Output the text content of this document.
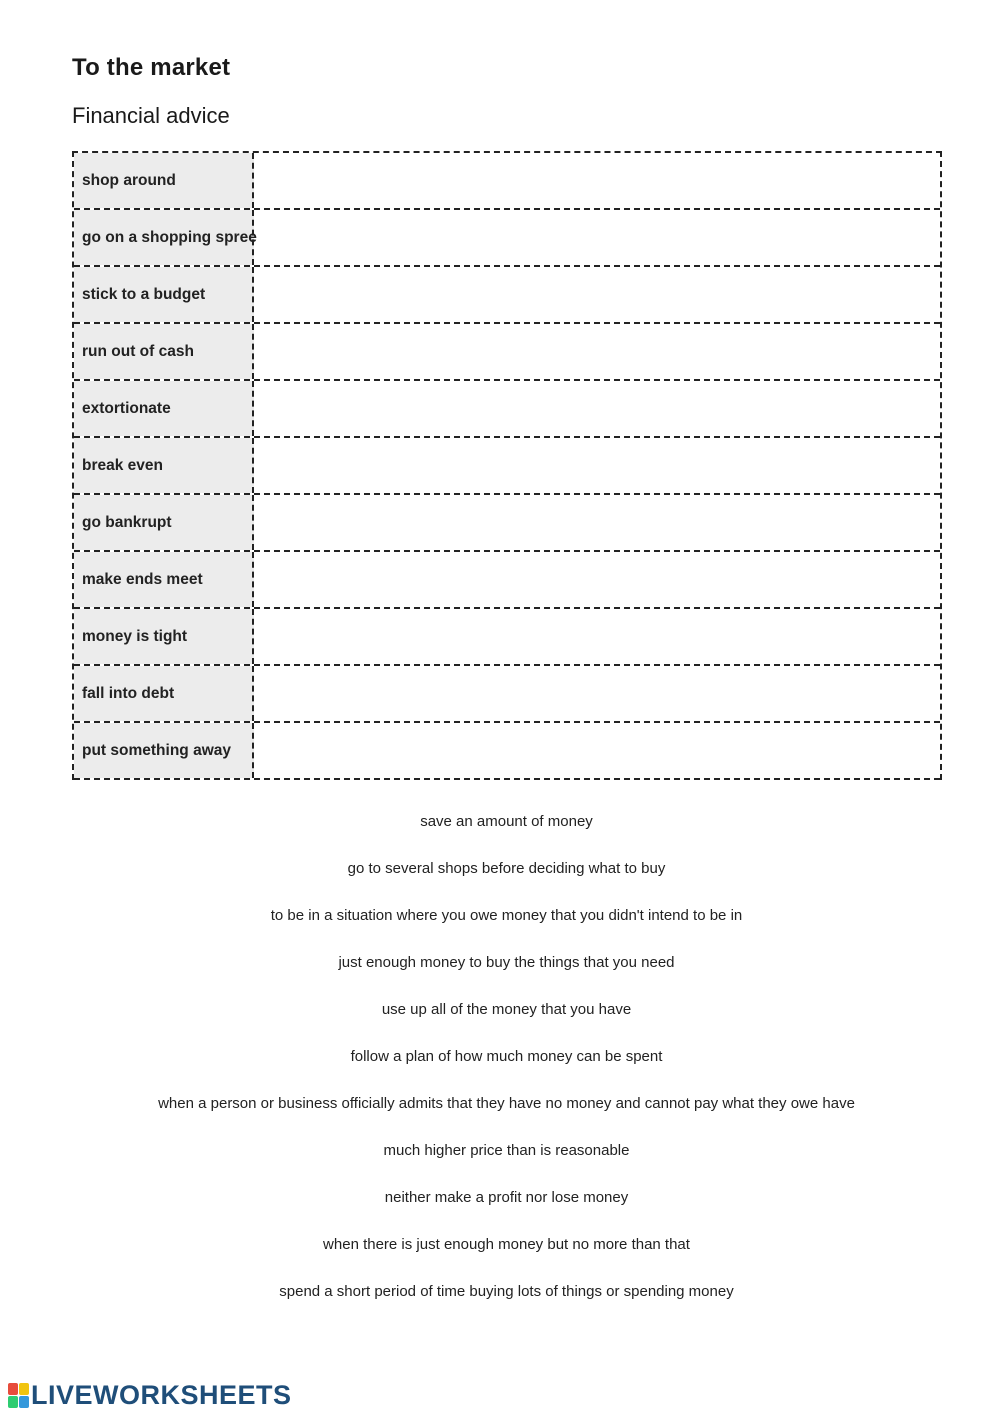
To the market
Financial advice
shop around
go on a shopping spree
stick to a budget
run out of cash
extortionate
break even
go bankrupt
make ends meet
money is tight
fall into debt
put something away
save an amount of money
go to several shops before deciding what to buy
to be in a situation where you owe money that you didn't intend to be in
just enough money to buy the things that you need
use up all of the money that you have
follow a plan of how much money can be spent
when a person or business officially admits that they have no money and cannot pay what they owe have
much higher price than is reasonable
neither make a profit nor lose money
when there is just enough money but no more than that
spend a short period of time buying lots of things or spending money
LIVEWORKSHEETS
